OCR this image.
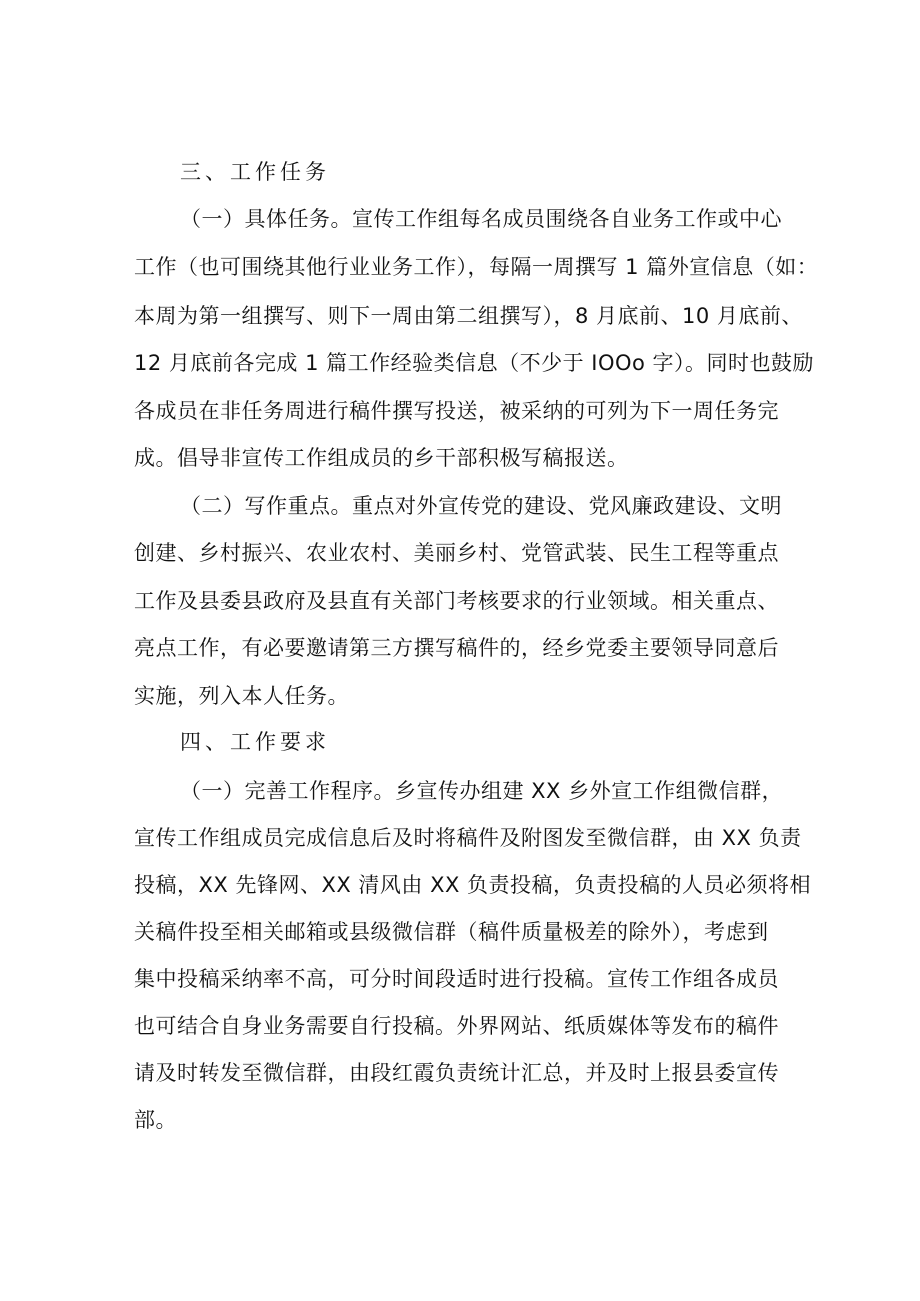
三、工作任务
（一）具体任务。宣传工作组每名成员围绕各自业务工作或中心
工作（也可围绕其他行业业务工作），每隔一周撰写 1 篇外宣信息（如：
本周为第一组撰写、则下一周由第二组撰写），8 月底前、10 月底前、
12 月底前各完成 1 篇工作经验类信息（不少于 IOOo 字）。同时也鼓励
各成员在非任务周进行稿件撰写投送，被采纳的可列为下一周任务完
成。倡导非宣传工作组成员的乡干部积极写稿报送。
（二）写作重点。重点对外宣传党的建设、党风廉政建设、文明
创建、乡村振兴、农业农村、美丽乡村、党管武装、民生工程等重点
工作及县委县政府及县直有关部门考核要求的行业领域。相关重点、
亮点工作，有必要邀请第三方撰写稿件的，经乡党委主要领导同意后
实施，列入本人任务。
四、工作要求
（一）完善工作程序。乡宣传办组建 XX 乡外宣工作组微信群，
宣传工作组成员完成信息后及时将稿件及附图发至微信群，由 XX 负责
投稿，XX 先锋网、XX 清风由 XX 负责投稿，负责投稿的人员必须将相
关稿件投至相关邮箱或县级微信群（稿件质量极差的除外），考虑到
集中投稿采纳率不高，可分时间段适时进行投稿。宣传工作组各成员
也可结合自身业务需要自行投稿。外界网站、纸质媒体等发布的稿件
请及时转发至微信群，由段红霞负责统计汇总，并及时上报县委宣传
部。
